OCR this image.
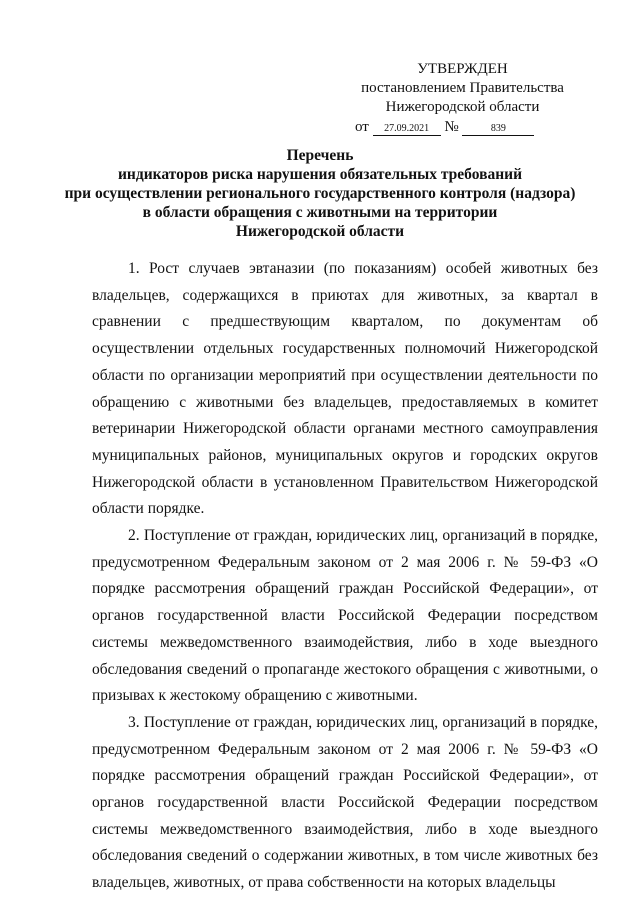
УТВЕРЖДЕН
постановлением Правительства
Нижегородской области
от 27.09.2021 №	839
Перечень
индикаторов риска нарушения обязательных требований
при осуществлении регионального государственного контроля (надзора)
в области обращения с животными на территории
Нижегородской области

1. Рост случаев эвтаназии (по показаниям) особей животных без владельцев, содержащихся в приютах для животных, за квартал в сравнении с предшествующим кварталом, по документам об осуществлении отдельных государственных полномочий Нижегородской области по организации мероприятий при осуществлении деятельности по обращению с животными без владельцев, предоставляемых в комитет ветеринарии Нижегородской области органами местного самоуправления муниципальных районов, муниципальных округов и городских округов Нижегородской области в установленном Правительством Нижегородской области порядке.

2. Поступление от граждан, юридических лиц, организаций в порядке, предусмотренном Федеральным законом от 2 мая 2006 г. № 59-ФЗ «О порядке рассмотрения обращений граждан Российской Федерации», от органов государственной власти Российской Федерации посредством системы межведомственного взаимодействия, либо в ходе выездного обследования сведений о пропаганде жестокого обращения с животными, о призывах к жестокому обращению с животными.

3. Поступление от граждан, юридических лиц, организаций в порядке, предусмотренном Федеральным законом от 2 мая 2006 г. № 59-ФЗ «О порядке рассмотрения обращений граждан Российской Федерации», от органов государственной власти Российской Федерации посредством системы межведомственного взаимодействия, либо в ходе выездного обследования сведений о содержании животных, в том числе животных без владельцев, животных, от права собственности на которых владельцы
